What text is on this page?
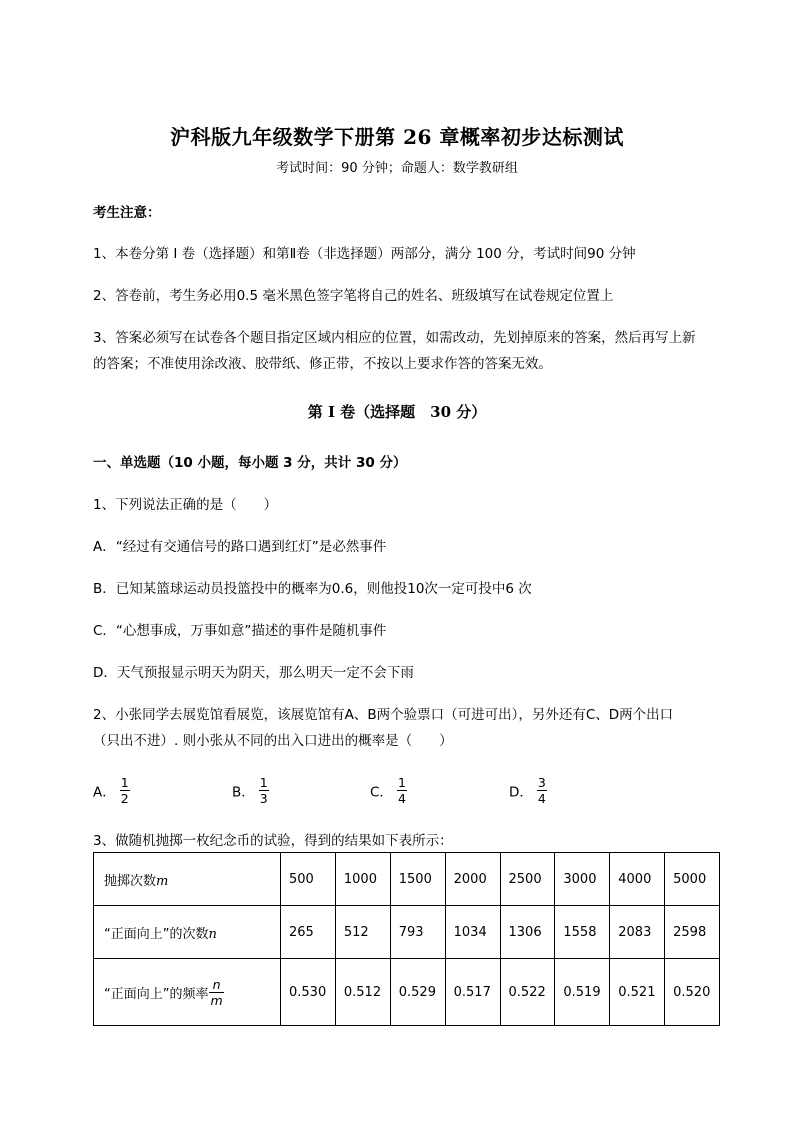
沪科版九年级数学下册第 26 章概率初步达标测试
考试时间：90 分钟；命题人：数学教研组
考生注意：
1、本卷分第 I 卷（选择题）和第Ⅱ卷（非选择题）两部分，满分 100 分，考试时间90 分钟
2、答卷前，考生务必用0.5 毫米黑色签字笔将自己的姓名、班级填写在试卷规定位置上
3、答案必须写在试卷各个题目指定区域内相应的位置，如需改动，先划掉原来的答案，然后再写上新
的答案；不准使用涂改液、胶带纸、修正带，不按以上要求作答的答案无效。
第 I 卷（选择题　30 分）
一、单选题（10 小题，每小题 3 分，共计 30 分）
1、下列说法正确的是（　　）
A．“经过有交通信号的路口遇到红灯”是必然事件
B．已知某篮球运动员投篮投中的概率为0.6，则他投10次一定可投中6 次
C．“心想事成，万事如意”描述的事件是随机事件
D．天气预报显示明天为阴天，那么明天一定不会下雨
2、小张同学去展览馆看展览，该展览馆有A、B两个验票口（可进可出），另外还有C、D两个出口
（只出不进）. 则小张从不同的出入口进出的概率是（　　）
A． $\frac{1}{2}$	B． $\frac{1}{3}$	C． $\frac{1}{4}$	D． $\frac{3}{4}$
3、做随机抛掷一枚纪念币的试验，得到的结果如下表所示：
抛掷次数m	500	1000	1500	2000	2500	3000	4000	5000
“正面向上”的次数n	265	512	793	1034	1306	1558	2083	2598
“正面向上”的频率 $\frac{n}{m}$	0.530	0.512	0.529	0.517	0.522	0.519	0.521	0.520
